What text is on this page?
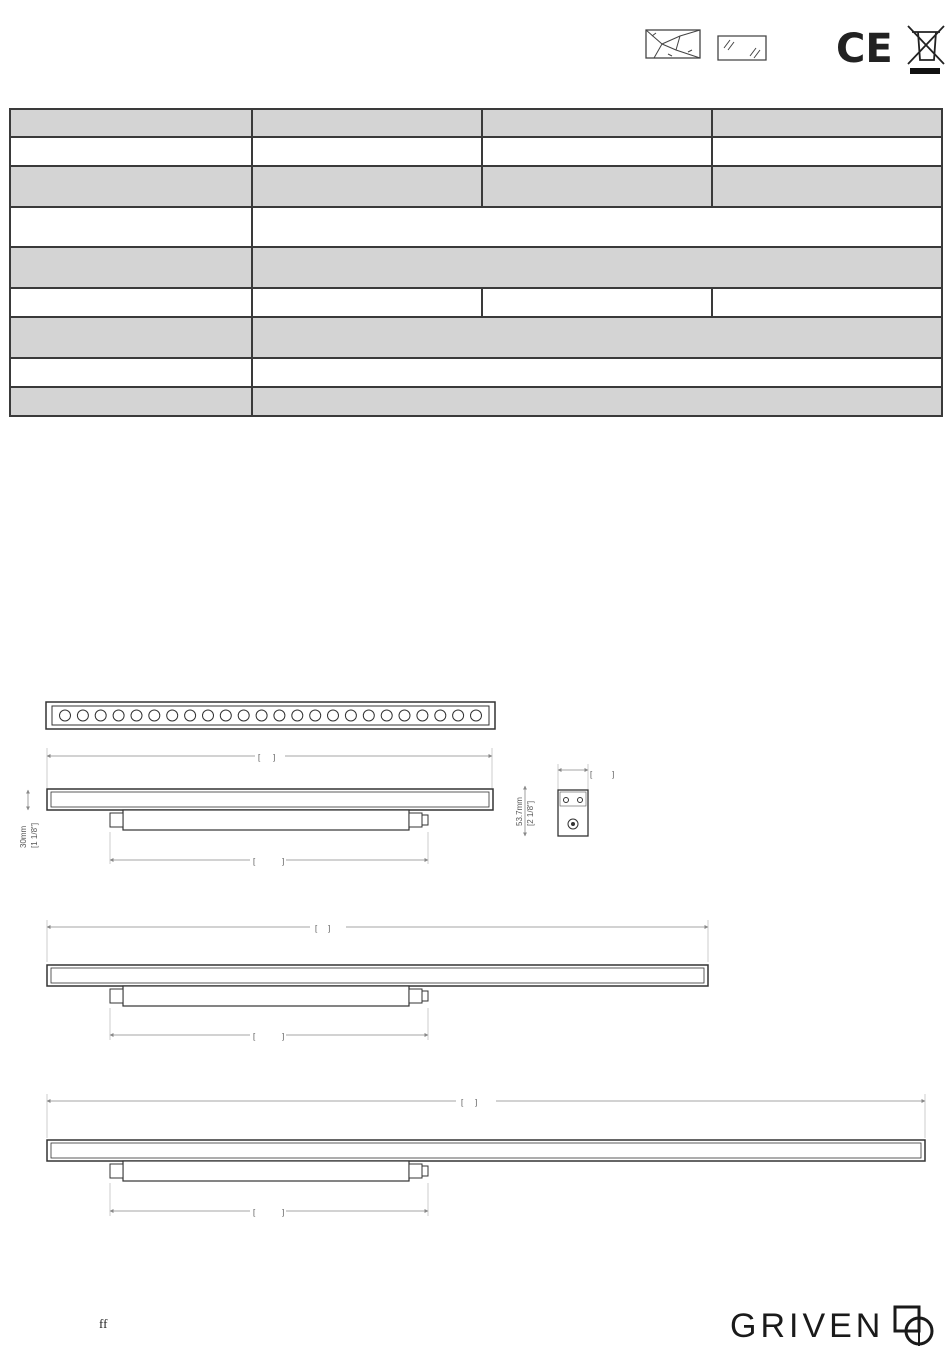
CE

[ ]
30mm [1 1/8"]
[	]
[ ]
53.7mm [2 1/8"]
[ ]
[	]
[ ]
[	]
ff	GRIVEN
